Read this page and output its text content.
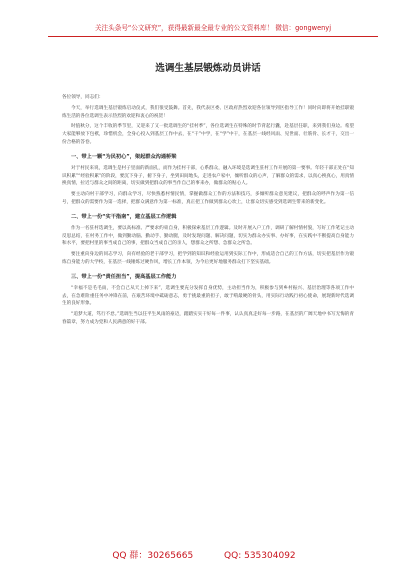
关注头条号“公文研究”，获得最新最全最专业的公文资料库！ 微信：gongwenyj
选调生基层锻炼动员讲话
各位领导，同志们：
今天，举行选调生基层锻炼启动仪式，我们很受鼓舞。首先，我代表区委、区政府热烈欢迎各位领导到区指导工作！同时向即将开始挂职锻炼生活的各位选调生表示热烈的欢迎和衷心的祝贺！
时值秋分，这个丰收的季节里，又迎来了又一批选调生的“挂村季”，各位选调生在特殊的时节背起行囊，赴基层任职，来到我们身边。希望大家能够放下包袱，珍惜机会，全身心投入到基层工作中去，在“干”中学，在“学”中干，在基层一线经风雨、见世面、壮筋骨、长才干，交出一份合格的答卷。
一、带上一颗“为民初心”，架起群众沟通桥梁
对于村民来说，选调生是村子里面的新面孔，而作为挂村干部，心系群众，融入环境是选调生驻村工作开展的第一要事。年轻干部正处在“知识积累”“经验积累”的阶段，要沉下身子，俯下身子，坐到田间地头，走进农户家中，倾听群众的心声，了解群众的需求，以真心换真心，用真情换真情，拉近与群众之间的距离，切实做到把群众的事当作自己的事来办，做群众的贴心人。
要主动向村干部学习，向群众学习，尽快熟悉村情民情，掌握做群众工作的方法和技巧，多倾听群众意见建议，把群众的呼声作为第一信号，把群众的需要作为第一选择，把群众满意作为第一标准，真正把工作做到群众心坎上，让群众切实感受到选调生带来的新变化。
二、带上一份“实干指南”，建立基层工作逻辑
作为一名驻村选调生，要以高标准、严要求约束自身，积极探索基层工作逻辑。及时开展入户工作，调研了解村情村貌，写好工作笔记主动反思总结，在村务工作中，做到勤动脑、勤动手、勤动腿，及时发现问题、解决问题，切实为群众办实事、办好事，在实践中不断提高自身能力和水平，要把村里的事当成自己的事，把群众当成自己的亲人，想群众之所想、急群众之所急。
要注重向身边的同志学习，向有经验的老干部学习，把学到的知识和经验运用到实际工作中，形成适合自己的工作方法，切实把基层作为锻炼自身能力的大学校，在基层一线锤炼过硬作风，增长工作本领，为今后更好地服务群众打下坚实基础。
三、带上一份“责任担当”，提高基层工作能力
“幸福不是毛毛雨，不会自己从天上掉下来”，选调生要充分发挥自身优势，主动担当作为，积极参与到乡村振兴、基层治理等各项工作中去，在急难险重任务中冲锋在前，在艰苦环境中砥砺意志，勇于挑最重的担子，敢于啃最硬的骨头，用实际行动践行初心使命，展现新时代选调生的良好形象。
“追梦大道，笃行不怠。”选调生当以任平生风雨的豪迈，踏踏实实干好每一件事，认认真真走好每一步路，在基层的广阔天地中书写无悔的青春篇章，努力成为党和人民满意的好干部。
QQ 群：30265665	QQ: 535304092
